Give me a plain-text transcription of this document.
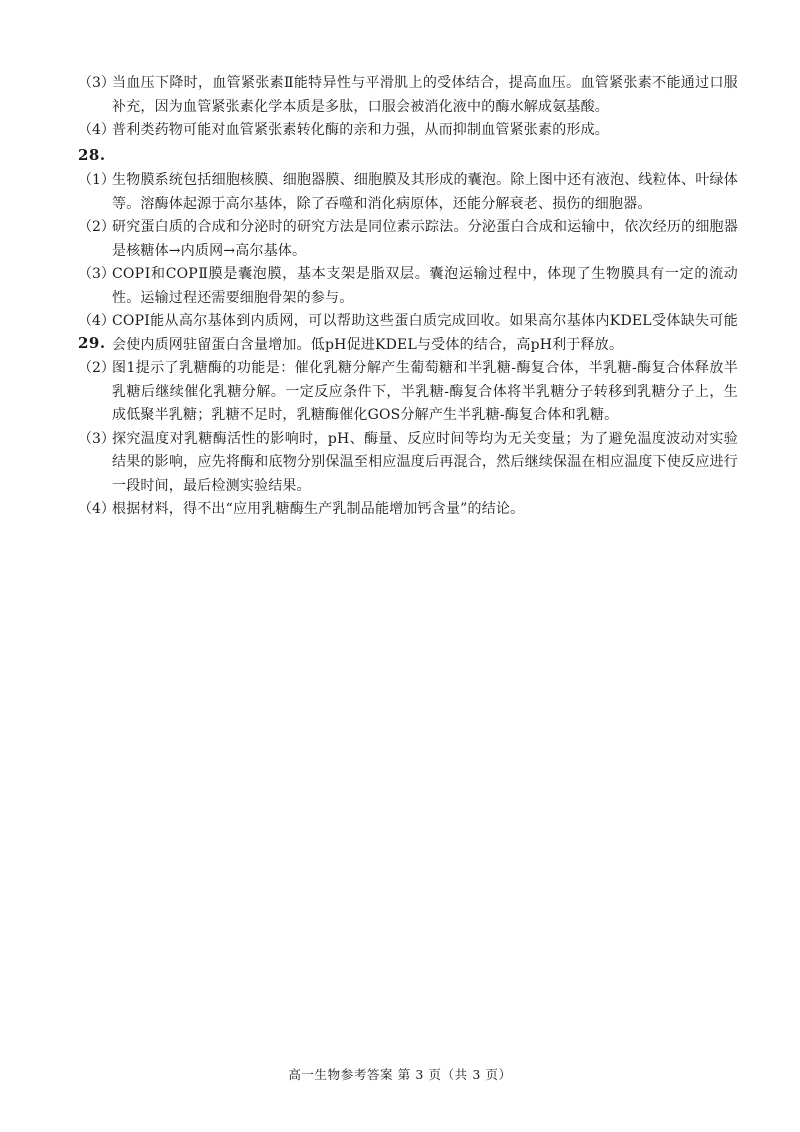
（3）

当血压下降时，血管紧张素Ⅱ能特异性与平滑肌上的受体结合，提高血压。血管紧张素不能通过口服补充，因为血管紧张素化学本质是多肽，口服会被消化液中的酶水解成氨基酸。

（4）

普利类药物可能对血管紧张素转化酶的亲和力强，从而抑制血管紧张素的形成。

28.
（1）

生物膜系统包括细胞核膜、细胞器膜、细胞膜及其形成的囊泡。除上图中还有液泡、线粒体、叶绿体等。溶酶体起源于高尔基体，除了吞噬和消化病原体，还能分解衰老、损伤的细胞器。

（2）

研究蛋白质的合成和分泌时的研究方法是同位素示踪法。分泌蛋白合成和运输中，依次经历的细胞器是核糖体→内质网→高尔基体。

（3）

COPⅠ和COPⅡ膜是囊泡膜，基本支架是脂双层。囊泡运输过程中，体现了生物膜具有一定的流动性。运输过程还需要细胞骨架的参与。

（4）

COPI能从高尔基体到内质网，可以帮助这些蛋白质完成回收。如果高尔基体内KDEL受体缺失可能会使内质网驻留蛋白含量增加。低pH促进KDEL与受体的结合，高pH利于释放。

29.
（2）

图1提示了乳糖酶的功能是：催化乳糖分解产生葡萄糖和半乳糖-酶复合体，半乳糖-酶复合体释放半乳糖后继续催化乳糖分解。一定反应条件下，半乳糖-酶复合体将半乳糖分子转移到乳糖分子上，生成低聚半乳糖；乳糖不足时，乳糖酶催化GOS分解产生半乳糖-酶复合体和乳糖。

（3）

探究温度对乳糖酶活性的影响时，pH、酶量、反应时间等均为无关变量；为了避免温度波动对实验结果的影响，应先将酶和底物分别保温至相应温度后再混合，然后继续保温在相应温度下使反应进行一段时间，最后检测实验结果。

（4）

根据材料，得不出“应用乳糖酶生产乳制品能增加钙含量”的结论。

高一生物参考答案 第 3 页（共 3 页）
